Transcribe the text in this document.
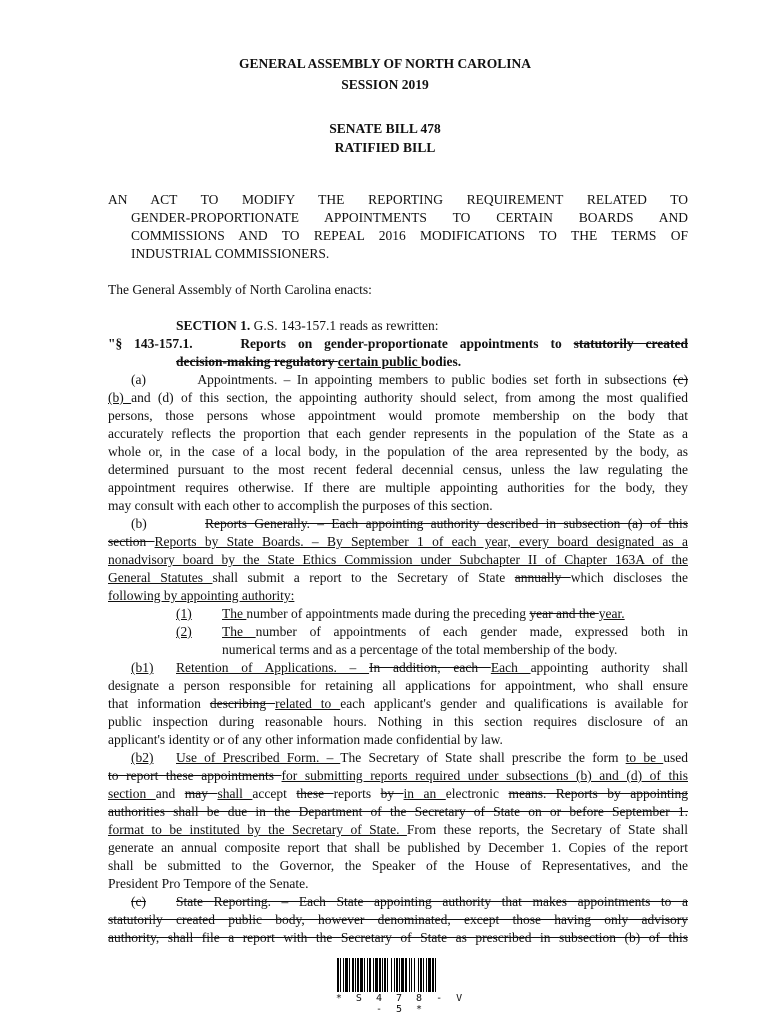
GENERAL ASSEMBLY OF NORTH CAROLINA
SESSION 2019
SENATE BILL 478
RATIFIED BILL
AN ACT TO MODIFY THE REPORTING REQUIREMENT RELATED TO
GENDER-PROPORTIONATE APPOINTMENTS TO CERTAIN BOARDS AND
COMMISSIONS AND TO REPEAL 2016 MODIFICATIONS TO THE TERMS OF
INDUSTRIAL COMMISSIONERS.
The General Assembly of North Carolina enacts:
SECTION 1. G.S. 143-157.1 reads as rewritten:
"§ 143-157.1.	Reports on gender-proportionate appointments to statutorily created
decision-making regulatory certain public bodies.
(a)        Appointments. – In appointing members to public bodies set forth in subsections (c)
(b) and (d) of this section, the appointing authority should select, from among the most qualified
persons, those persons whose appointment would promote membership on the body that
accurately reflects the proportion that each gender represents in the population of the State as a
whole or, in the case of a local body, in the population of the area represented by the body, as
determined pursuant to the most recent federal decennial census, unless the law regulating the
appointment requires otherwise. If there are multiple appointing authorities for the body, they
may consult with each other to accomplish the purposes of this section.
(b)        Reports Generally. – Each appointing authority described in subsection (a) of this
section Reports by State Boards. – By September 1 of each year, every board designated as a
nonadvisory board by the State Ethics Commission under Subchapter II of Chapter 163A of the
General Statutes shall submit a report to the Secretary of State annually which discloses the
following by appointing authority:
(1)	The number of appointments made during the preceding year and the year.
(2)	The number of appointments of each gender made, expressed both in
numerical terms and as a percentage of the total membership of the body.
(b1)	Retention of Applications. – In addition, each Each appointing authority shall
designate a person responsible for retaining all applications for appointment, who shall ensure
that information describing related to each applicant's gender and qualifications is available for
public inspection during reasonable hours. Nothing in this section requires disclosure of an
applicant's identity or of any other information made confidential by law.
(b2)	Use of Prescribed Form. – The Secretary of State shall prescribe the form to be used
to report these appointments for submitting reports required under subsections (b) and (d) of this
section and may shall accept these reports by in an electronic means. Reports by appointing
authorities shall be due in the Department of the Secretary of State on or before September 1.
format to be instituted by the Secretary of State. From these reports, the Secretary of State shall
generate an annual composite report that shall be published by December 1. Copies of the report
shall be submitted to the Governor, the Speaker of the House of Representatives, and the
President Pro Tempore of the Senate.
(c)	State Reporting. – Each State appointing authority that makes appointments to a
statutorily created public body, however denominated, except those having only advisory
authority, shall file a report with the Secretary of State as prescribed in subsection (b) of this
* S 4 7 8 - V - 5 *
